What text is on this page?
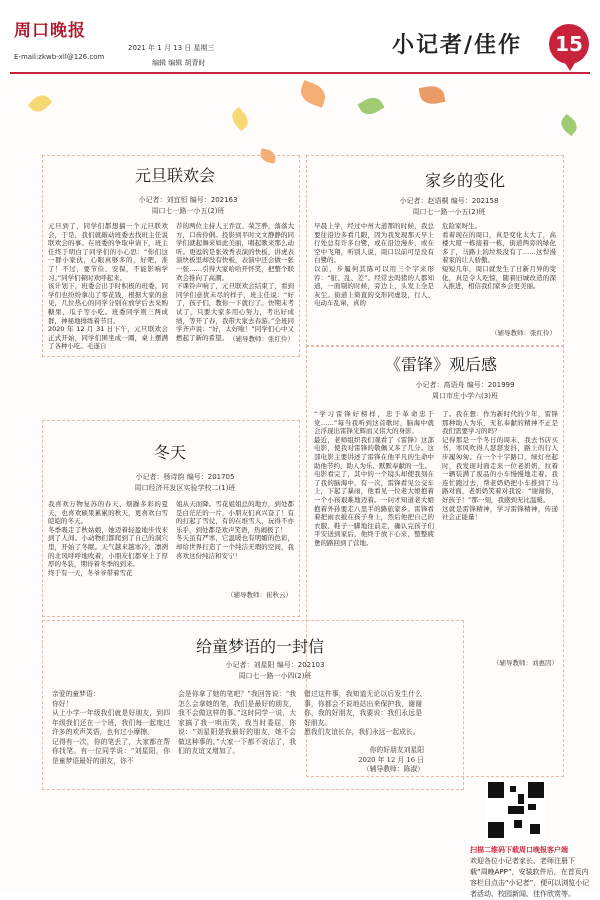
周口晚报
E-mail:zkwb-xll@126.com
2021 年 1 月 13 日 星期三
编辑 编辑 胡青时
小记者/佳作	15
元旦联欢会
小记者：刘宜恒 编号：202163
周口七一路一小五(2)班
元旦到了，同学们都想搞一个元旦联欢会，于是，我们就敲动班委去找班主任说联欢会的事。在班委的争取申请下，班主任终于明白了同学们的小心思：“你们这一群小家伙，心眼真够多的，好吧，准了！不过，要节俭、安保，不能影响学习。”同学们顿时欢呼起来。
该计划下，班委会出手时积极的班委，同学们也纷纷拿出了零花钱，根据大家的意见，几位热心的同学分别在放学后去采购糖果、瓜子等小吃。班委同学则三两成群，神秘地排练着节目。
2020 年 12 月 31 日下午，元旦联欢会正式开始，同学们围坐成一圈，桌上摆满了各种小吃。毛遂自
荐的两位主持人王乔宣、荣芝骅，落落大方，口齿伶俐。投影到平时文文静静的同学们就起舞来如此美丽，唱起歌来那么动听。更逗的是张效秀表演的快板，讲虎表演快板里却没有快板，表演中还会做一张一张……引得大家哈哈开怀笑，把整个联欢会推向了高潮。
下课铃声响了，元旦联欢会结束了，看到同学们意犹未尽的样子，班主任说：“好了，孩子们，教你一下就行了。快期末考试了，只要大家多用心努力，考出好成绩，等开了春，我带大家去春游。”全班同学齐声说：“好，太好啦！”同学们心中又燃起了新的希望。 （辅导教师：张红伶）
家乡的变化
小记者：赵语桐 编号：202158
周口七一路一小五(2)班
早晨上学，经过中州大道那的时候，我总要往沿边多看几眼，因为我发现那天早上行处总有许多白鹭，或在沿边漫步，或在空中飞翔，听别人说，周口以前可是没有白鹭的。
以前，步履何其陈可以用三个字来形容：“脏、乱、差”。经常去吗猪的人都知道，一面剔的时候，旁边上，头发上全是灰尘。街道上简直的交形同虚设，行人、电动车乱窜，真的
危险家呀生。
看着现在的周口，真是变化太大了，高楼大厦一栋接着一栋，街道两旁的绿化多了，马路上的垃圾没有了……这悍漫着家的让人骄傲。
短短几年，周口就发生了日新月异的变化，真是令人吃惊，随着旧城改造的深入推进，相信我们家乡会更美丽。
（辅导教师：张红伶）
《雷锋》观后感
小记者：高语舟 编号：201999
周口市庄小学六(3)班
“学习雷锋好榜样，忠于革命忠于党……”每当我听到这首歌时，脑海中就会浮现出雷锋光辉而又伟大的身影。
最近，老师组织我们观看了《雷锋》这部电影，使我对雷锋的敬佩又多了几分。这部电影主要讲述了雷锋在他平凡的生命中助他节约、助人为乐、默默奉献的一生。
电影看完了，其中的一个镜头却使我刻在了我的脑海中，有一次，雷锋看见公交车上，下起了暴雨，他看见一位老大娘抱着一个小孩艰难地迈着。一问才知道老大娘抱着外孙要走八里半的路旅家乡。雷锋看着把雨衣披在孩子身上，然后他把自己的衣服、鞋子一脚地往前走，确认完孩子们平安送到家后，他终于放下心来，整整疲惫的路回到了营地。
了。我在想：作为新时代的少年，雷锋那种助人为乐，无私奉献的精神不正是我们需要学习的吗？
记得那是一个冬日的周末，我去书店买书，寒风吹得人瑟瑟发抖，路上的行人步履匆匆。在一个十字路口，绿灯亮起时，我发现对面走来一位老奶奶，拉着一辆装满了废品的小车慢慢地走着。我连忙跑过去，帮老奶奶把小车推到了马路对面，老奶奶笑着对我说：“谢谢你，好孩子！”那一刻，我感到无比温暖。
这就是雷锋精神，学习雷锋精神，传递社会正能量！
（辅导教师：刘惠因）
冬天
小记者：杨诗韵 编号：201705
周口经济开发区实验学校二(1)班
我喜欢万物复苏的春天、烦躁多彩的夏天，也喜欢硕果累累的秋天，更喜欢白雪皑皑的冬天。
冬季吸走了秋姑娘，她迈着轻盈地步伐来到了人间。小动物们都爬到了自己的洞穴里，开始了冬眠。天气越来越寒冷，凛冽的北风呼呼地吹着，小朋友们都穿上了厚厚的冬装，期待着冬季的到来。
终于有一天，冬爷爷带着雪花
姐从天而降。雪花姐姐总的地方，到处都是白茫茫的一片，小朋友们真兴奋了！有的打起了雪仗，有的在堆雪人，玩得不亦乐乎，到处都是欢声笑语，热闹极了！
冬天虽有严寒，它温暖也有明媚的色彩，却给世界打造了一个纯洁无瑕的空间，我喜欢这份纯洁和安宁！
（辅导教师：崔秋云）
给童梦语的一封信
小记者：刘星阳 编号：202103
周口七一路一小四(2)班
亲爱的童梦语：
你好！
从上小学一年级我们就是好朋友，到四年级我们还在一个班，我们每一起度过许多的欢声笑语，也有过小摩擦。
记得有一次，你的笔丢了，大家都在帮你找笔。有一位同学说：“刘星阳，你是童梦语最好的朋友，你不
会是你拿了她的笔吧？”我回答说：“我怎么会拿她的笔，我们是最好的朋友，我不会做这样的事。”这时同学一说，大家搞了我一哄而笑，我当时委屈，你说：“刘星阳是我最好的朋友，她不会做这种事的。”大家一下都不说话了，我们的友谊又增加了。
错过这件事，我知道无论以后发生什么事，你都会不说地站出来保护我，谢谢你，我的好朋友，我要说：我们永远是好朋友。
愿我们友谊长存，我们永远一起成长。
你的好朋友刘星阳
2020 年 12 月 16 日
（辅导教师：陈淑）
扫描二维码下载周口晚报客户端
欢迎各位小记者家长、老师注册下载“周晚APP”，安装软件后，在首页内容栏目点击“小记者”，便可以浏览小记者活动、校园新闻、佳作欣赏等。
